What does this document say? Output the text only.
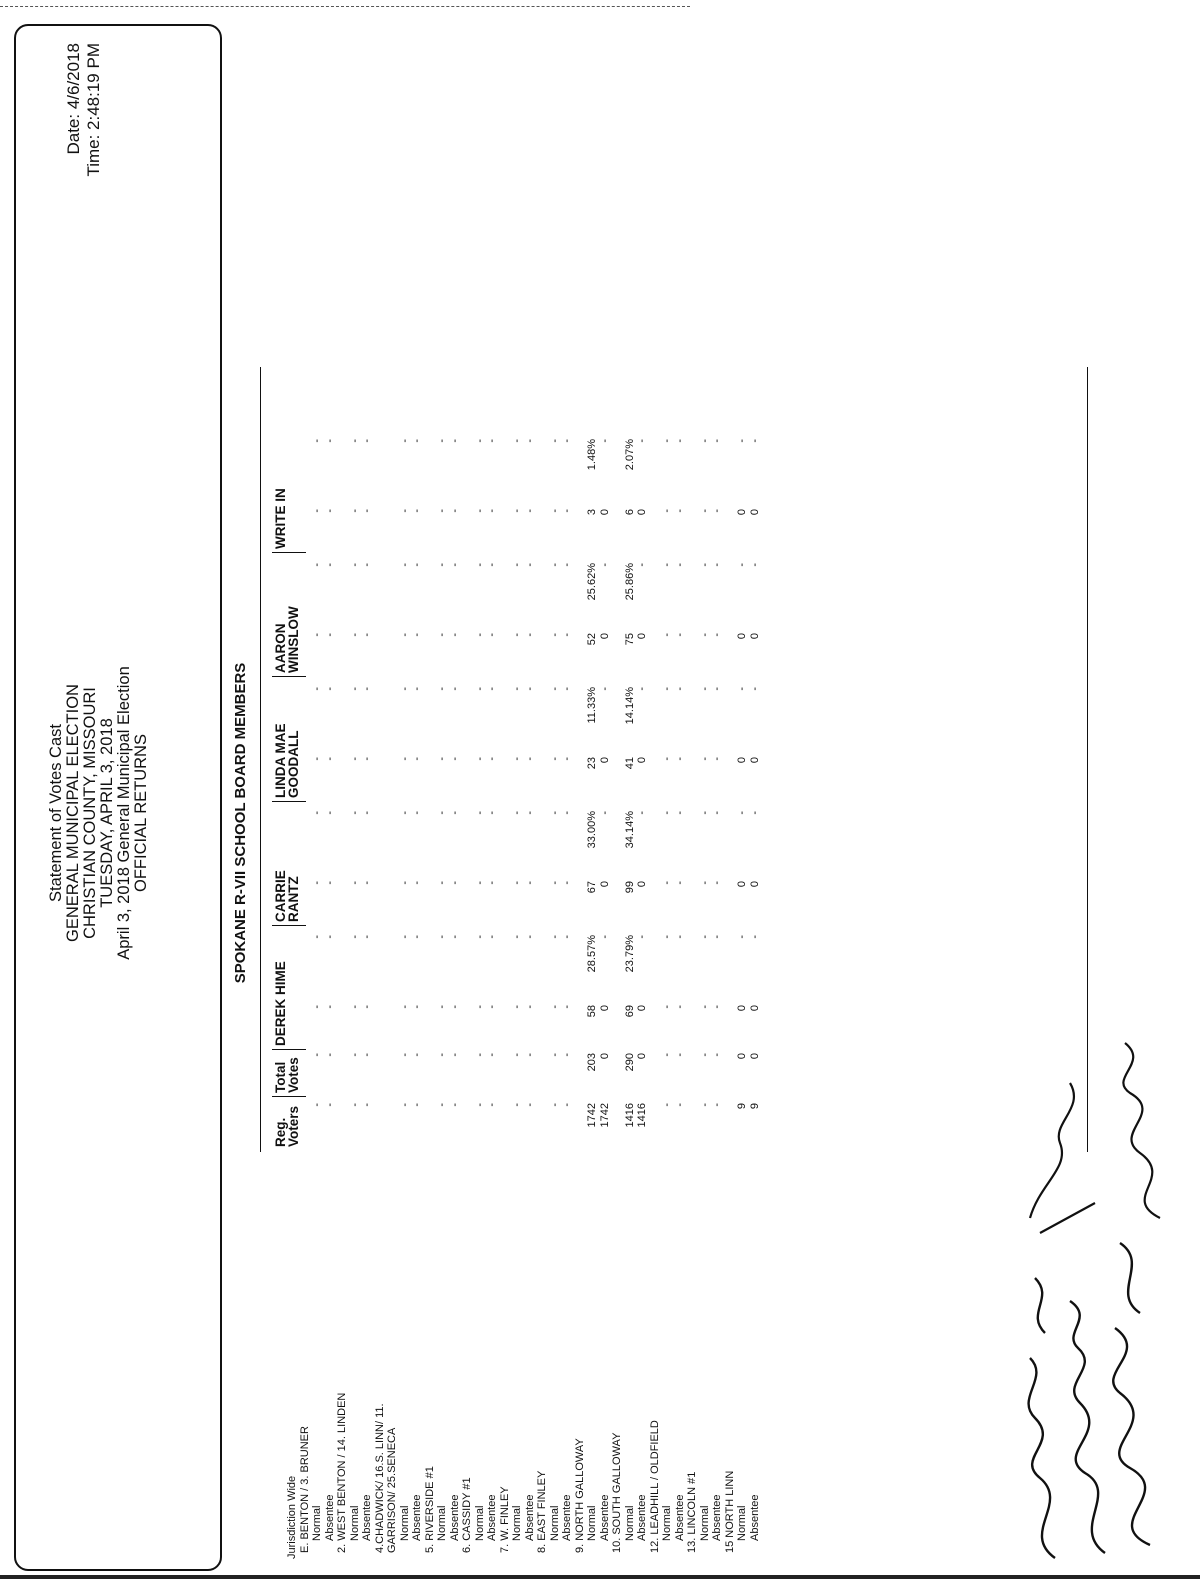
Statement of Votes Cast GENERAL MUNICIPAL ELECTION CHRISTIAN COUNTY, MISSOURI TUESDAY, APRIL 3, 2018 April 3, 2018 General Municipal Election OFFICIAL RETURNS
Date: 4/6/2018 Time: 2:48:19 PM
SPOKANE R-VII SCHOOL BOARD MEMBERS
Reg.
Voters
Total
Votes
DEREK HIME
CARRIE
RANTZ
LINDA MAE
GOODALL
AARON
WINSLOW
WRITE IN
Jurisdiction Wide E. BENTON / 3. BRUNER Normal Absentee 2. WEST BENTON / 14. LINDEN Normal Absentee 4.CHADWICK/ 16.S. LINN/ 11. GARRISON/ 25.SENECA Normal Absentee 5. RIVERSIDE #1 Normal Absentee 6. CASSIDY #1 Normal Absentee 7. W. FINLEY Normal Absentee 8. EAST FINLEY Normal Absentee 9. NORTH GALLOWAY Normal Absentee 10. SOUTH GALLOWAY Normal Absentee 12. LEADHILL / OLDFIELD Normal Absentee 13. LINCOLN #1 Normal Absentee 15 NORTH LINN Normal Absentee
-
-
-
-
-
-
-
-
-
-
-
-
-
-
-
-
-
-
-
-
-
-
-
-
-
-
-
-
-
-
-
-
-
-
-
-
-
-
-
-
-
-
-
-
-
-
-
-
-
-
-
-
-
-
-
-
-
-
-
-
-
-
-
-
-
-
-
-
-
-
-
-
-
-
-
-
-
-
-
-
-
-
-
-
-
-
-
-
-
-
-
-
-
-
-
-
-
-
-
-
-
-
-
-
-
-
-
-
-
-
-
-
-
-
-
-
-
-
-
-
-
-
-
-
-
-
-
-
-
-
-
-
-
-
-
-
-
-
-
-
-
-
-
-
-
-
-
-
-
-
-
-
-
-
-
-
-
-
-
-
-
-
-
-
-
-
-
-
1742
203
58
28.57%
67
33.00%
23
11.33%
52
25.62%
3
1.48%
1742
0
0
-
0
-
0
-
0
-
0
-
1416
290
69
23.79%
99
34.14%
41
14.14%
75
25.86%
6
2.07%
1416
0
0
-
0
-
0
-
0
-
0
-
-
-
-
-
-
-
-
-
-
-
-
-
-
-
-
-
-
-
-
-
-
-
-
-
-
-
-
-
-
-
-
-
-
-
-
-
-
-
-
-
-
-
-
-
-
-
-
-
9
0
0
-
0
-
0
-
0
-
0
-
9
0
0
-
0
-
0
-
0
-
0
-
